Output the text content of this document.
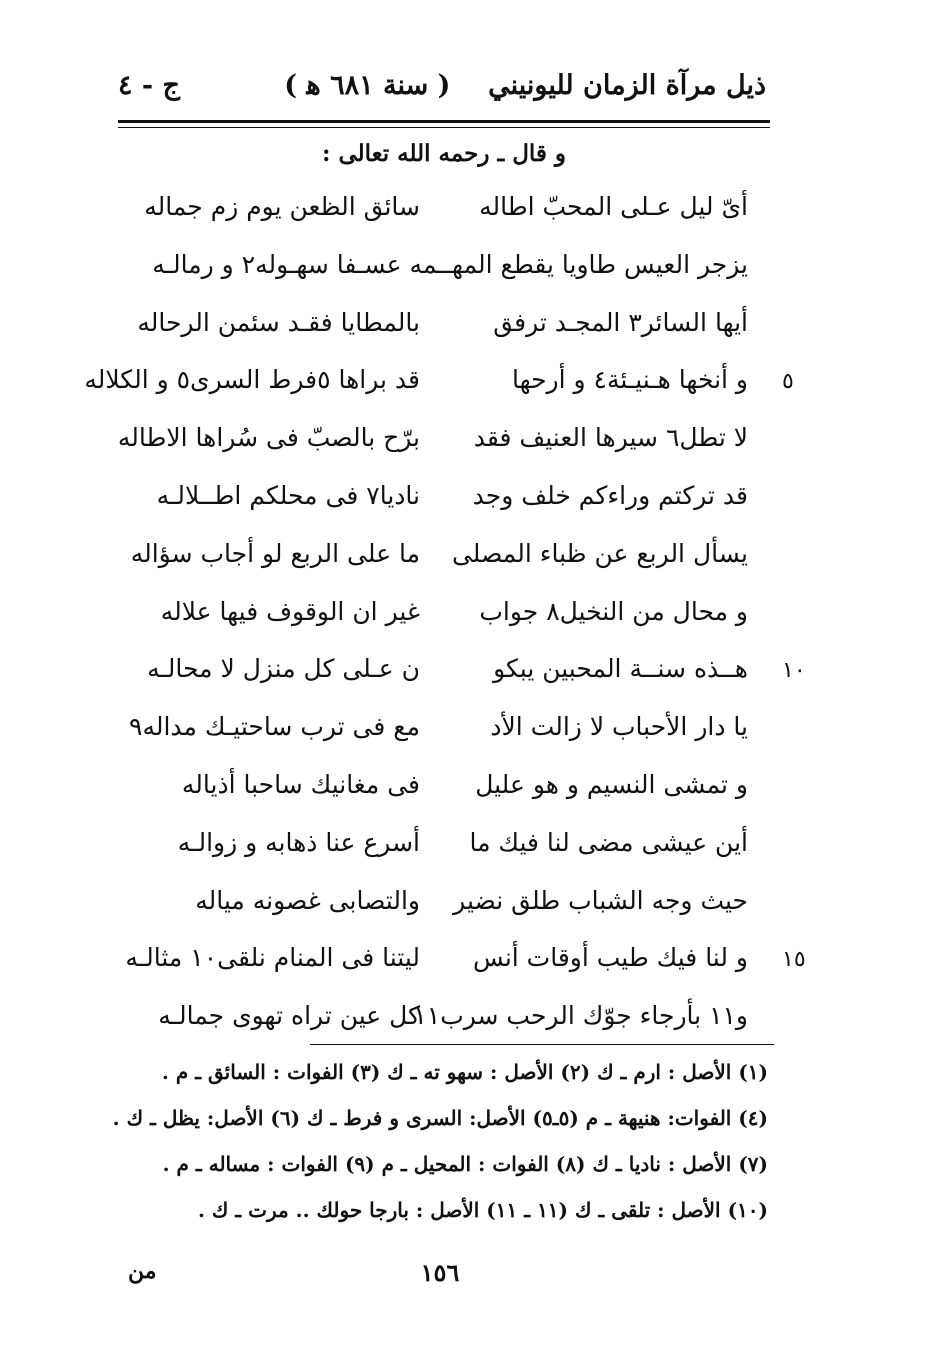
ذيل مرآة الزمان لليونيني    ( سنة ٦٨١ ﻫ )
ج - ٤
و قال ـ رحمه الله تعالى :
أىّ ليل عـلى المحبّ اطاله
سائق الظعن يوم زم جماله
يزجر العيس طاويا يقطع المهــمه عسـفا سهـوله٢ و رمالـه
أيها السائر٣ المجـد ترفق
بالمطايا فقـد سئمن الرحاله
و أنخها هـنيـئة٤ و أرحها
قد براها ٥فرط السرى٥ و الكلاله	٥
لا تطل٦ سيرها العنيف فقد
برّح بالصبّ فى سُراها الاطاله
قد تركتم وراءكم خلف وجد
ناديا٧ فى محلكم اطــلالـه
يسأل الربع عن ظباء المصلى
ما على الربع لو أجاب سؤاله
و محال من النخيل٨ جواب
غير ان الوقوف فيها علاله
هــذه سنــة المحبين يبكو
ن عـلى كل منزل لا محالـه	١٠
يا دار الأحباب لا زالت الأد
مع فى ترب ساحتيـك مداله٩
و تمشى النسيم و هو عليل
فى مغانيك ساحبا أذياله
أين عيشى مضى لنا فيك ما
أسرع عنا ذهابه و زوالـه
حيث وجه الشباب طلق نضير
والتصابى غصونه مياله
و لنا فيك طيب أوقات أنس
ليتنا فى المنام نلقى١٠ مثالـه	١٥
و١١ بأرجاء جوّك الرحب سرب١١
كل عين تراه تهوى جمالـه
(١) الأصل : ارم ـ ك (٢) الأصل : سهو ته ـ ك (٣) الفوات : السائق ـ م .
(٤) الفوات: هنيهة ـ م (٥ـ٥) الأصل: السرى و فرط ـ ك (٦) الأصل: يظل ـ ك .
(٧) الأصل : ناديا ـ ك (٨) الفوات : المحيل ـ م (٩) الفوات : مساله ـ م .
(١٠) الأصل : تلقى ـ ك (١١ ـ ١١) الأصل : بارجا حولك .. مرت ـ ك .
١٥٦
من
